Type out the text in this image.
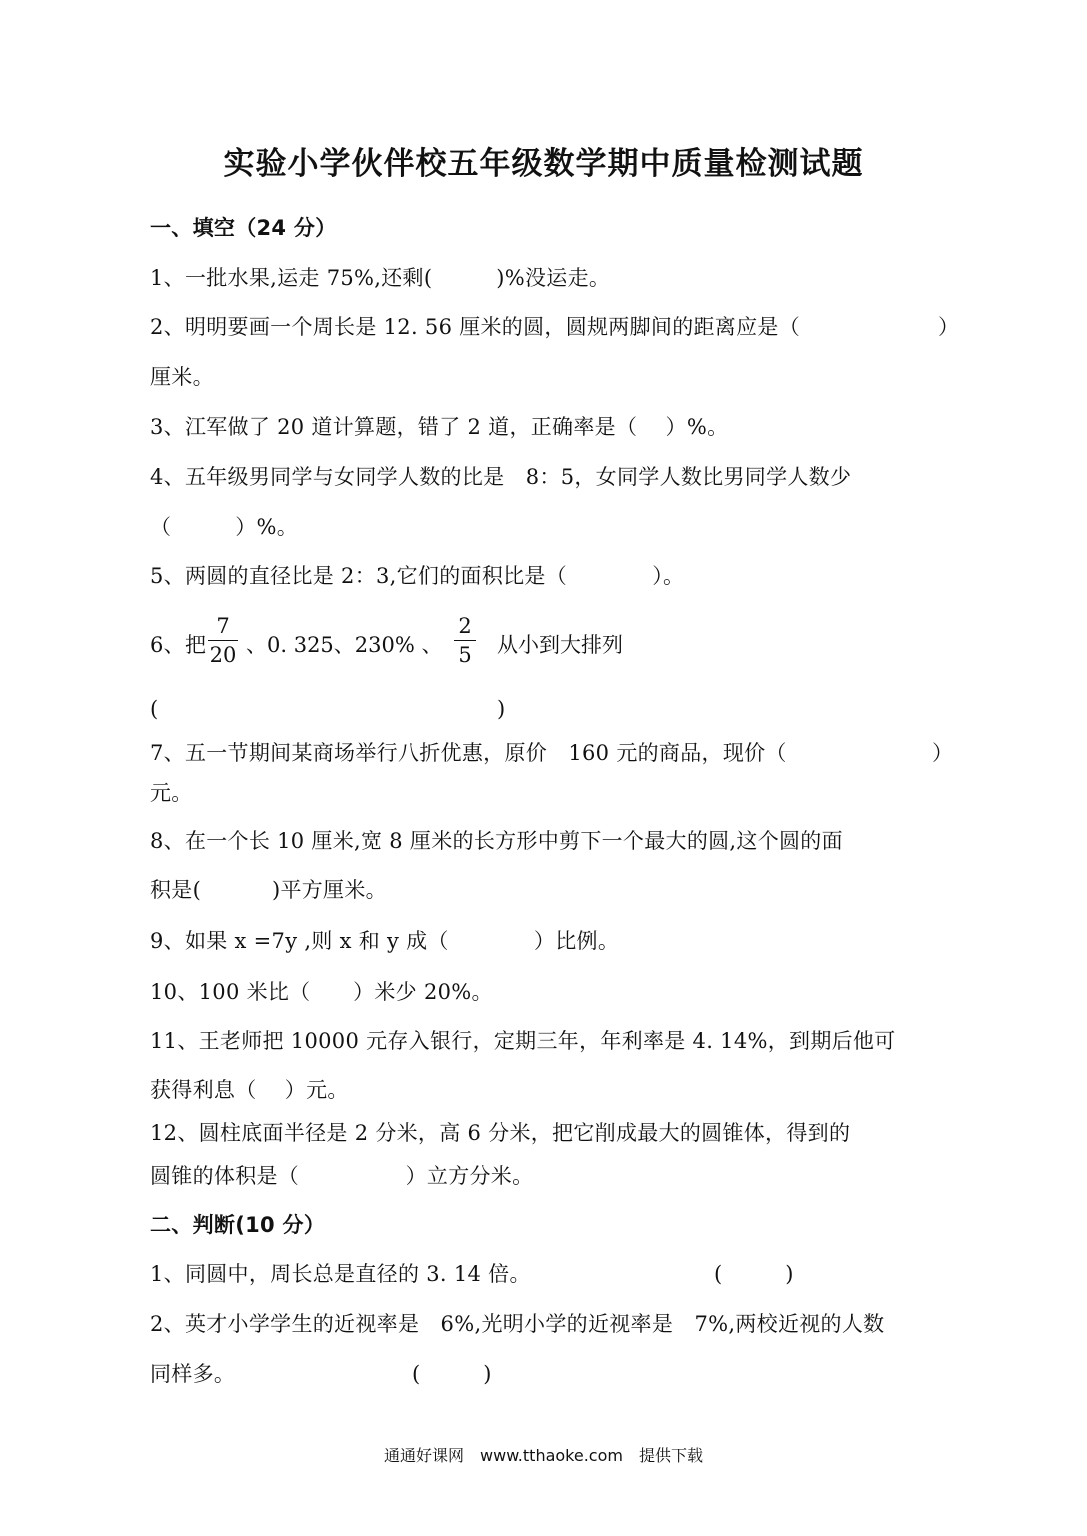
实验小学伙伴校五年级数学期中质量检测试题
一、填空（24 分）
1、一批水果,运走 75%,还剩(　　　)%没运走。
2、明明要画一个周长是 12. 56 厘米的圆，圆规两脚间的距离应是（　　　	）
厘米。
3、江军做了 20 道计算题，错了 2 道，正确率是（　 ）%。
4、五年级男同学与女同学人数的比是　8：5，女同学人数比男同学人数少
（　　　）%。
5、两圆的直径比是 2：3,它们的面积比是（　　　　）。
6、把
7
20 、0. 325、230% 、
2
5 从小到大排列
(	)
7、五一节期间某商场举行八折优惠，原价　160 元的商品，现价（	）
元。
8、在一个长 10 厘米,宽 8 厘米的长方形中剪下一个最大的圆,这个圆的面
积是(　　　 )平方厘米。
9、如果 x =7y ,则 x 和 y 成（　　　　）比例。
10、100 米比（　　）米少 20%。
11、王老师把 10000 元存入银行，定期三年，年利率是 4. 14%，到期后他可
获得利息（　 ）元。
12、圆柱底面半径是 2 分米，高 6 分米，把它削成最大的圆锥体，得到的
圆锥的体积是（　　　　　）立方分米。
二、判断(10 分）
1、同圆中，周长总是直径的 3. 14 倍。	(　　　)
2、英才小学学生的近视率是　6%,光明小学的近视率是　7%,两校近视的人数
同样多。	(　　　)
通通好课网　www.tthaoke.com　提供下载
